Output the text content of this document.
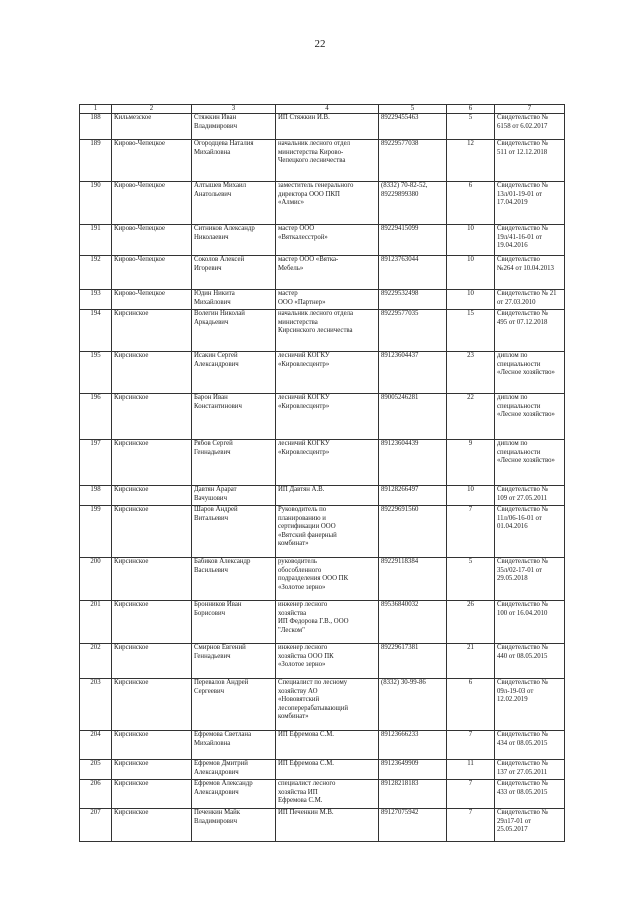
22
1	2	3	4	5	6	7
188	Кильмезское	Стяжкин Иван
Владимирович	ИП Стяжкин И.В.	89229455463	5	Свидетельство №
6158 от 6.02.2017
189	Кирово-Чепецкое	Огородцева Наталия
Михайловна	начальник лесного отдел
министерства Кирово-
Чепецкого лесничества	89229577038	12	Свидетельство №
511 от 12.12.2018
190	Кирово-Чепецкое	Алтышев Михаил
Анатольевич	заместитель генерального
директора ООО ПКП
«Алмис»	(8332) 70-82-52,
89229899380	6	Свидетельство №
13л/01-19-01 от
17.04.2019
191	Кирово-Чепецкое	Ситников Александр
Николаевич	мастер ООО
«Вяткалесстрой»	89229415099	10	Свидетельство №
19л/41-16-01 от
19.04.2016
192	Кирово-Чепецкое	Соколов Алексей
Игоревич	мастер ООО «Вятка-
Мебель»	89123763044	10	Свидетельство
№264 от 10.04.2013
193	Кирово-Чепецкое	Юдин Никита
Михайлович	мастер
ООО «Партнер»	89229532498	10	Свидетельство № 21
от 27.03.2010
194	Кирсинское	Волегин Николай
Аркадьевич	начальник лесного отдела
министерства
Кирсинского лесничества	89229577035	15	Свидетельство №
495 от 07.12.2018
195	Кирсинское	Исакин Сергей
Александрович	лесничий КОГКУ
«Кировлесцентр»	89123604437	23	диплом по
специальности
«Лесное хозяйство»
196	Кирсинское	Барон Иван
Константинович	лесничий КОГКУ
«Кировлесцентр»	89005246281	22	диплом по
специальности
«Лесное хозяйство»
197	Кирсинское	Рябов Сергей
Геннадьевич	лесничий КОГКУ
«Кировлесцентр»	89123604439	9	диплом по
специальности
«Лесное хозяйство»
198	Кирсинское	Давтян Арарат
Вачушович	ИП Давтян А.В.	89128266497	10	Свидетельство №
109 от 27.05.2011
199	Кирсинское	Шаров Андрей
Витальевич	Руководитель по
планированию и
сертификации ООО
«Вятский фанерный
комбинат»	89229691560	7	Свидетельство №
11л/06-16-01 от
01.04.2016
200	Кирсинское	Бабиков Александр
Васильевич	руководитель
обособленного
подразделения ООО ПК
«Золотое зерно»	89229118384	5	Свидетельство №
35л/02-17-01 от
29.05.2018
201	Кирсинское	Бронников Иван
Борисович	инженер лесного
хозяйства
ИП Федорова Г.В., ООО
"Леском"	89536840032	26	Свидетельство №
100 от 16.04.2010
202	Кирсинское	Смирнов Евгений
Геннадьевич	инженер лесного
хозяйства ООО ПК
«Золотое зерно»	89229617381	21	Свидетельство №
440 от 08.05.2015
203	Кирсинское	Перевалов Андрей
Сергеевич	Специалист по лесному
хозяйству АО
«Нововятский
лесоперерабатывающий
комбинат»	(8332) 30-99-86	6	Свидетельство №
09л-19-03 от
12.02.2019
204	Кирсинское	Ефремова Светлана
Михайловна	ИП Ефремова С.М.	89123666233	7	Свидетельство №
434 от 08.05.2015
205	Кирсинское	Ефремов Дмитрий
Александрович	ИП Ефремова С.М.	89123649909	11	Свидетельство №
137 от 27.05.2011
206	Кирсинское	Ефремов Александр
Александрович	специалист лесного
хозяйства ИП
Ефремова С.М.	89128218183	7	Свидетельство №
433 от 08.05.2015
207	Кирсинское	Печенкин Майк
Владимирович	ИП Печенкин М.В.	89127075942	7	Свидетельство №
29л17-01 от
25.05.2017
